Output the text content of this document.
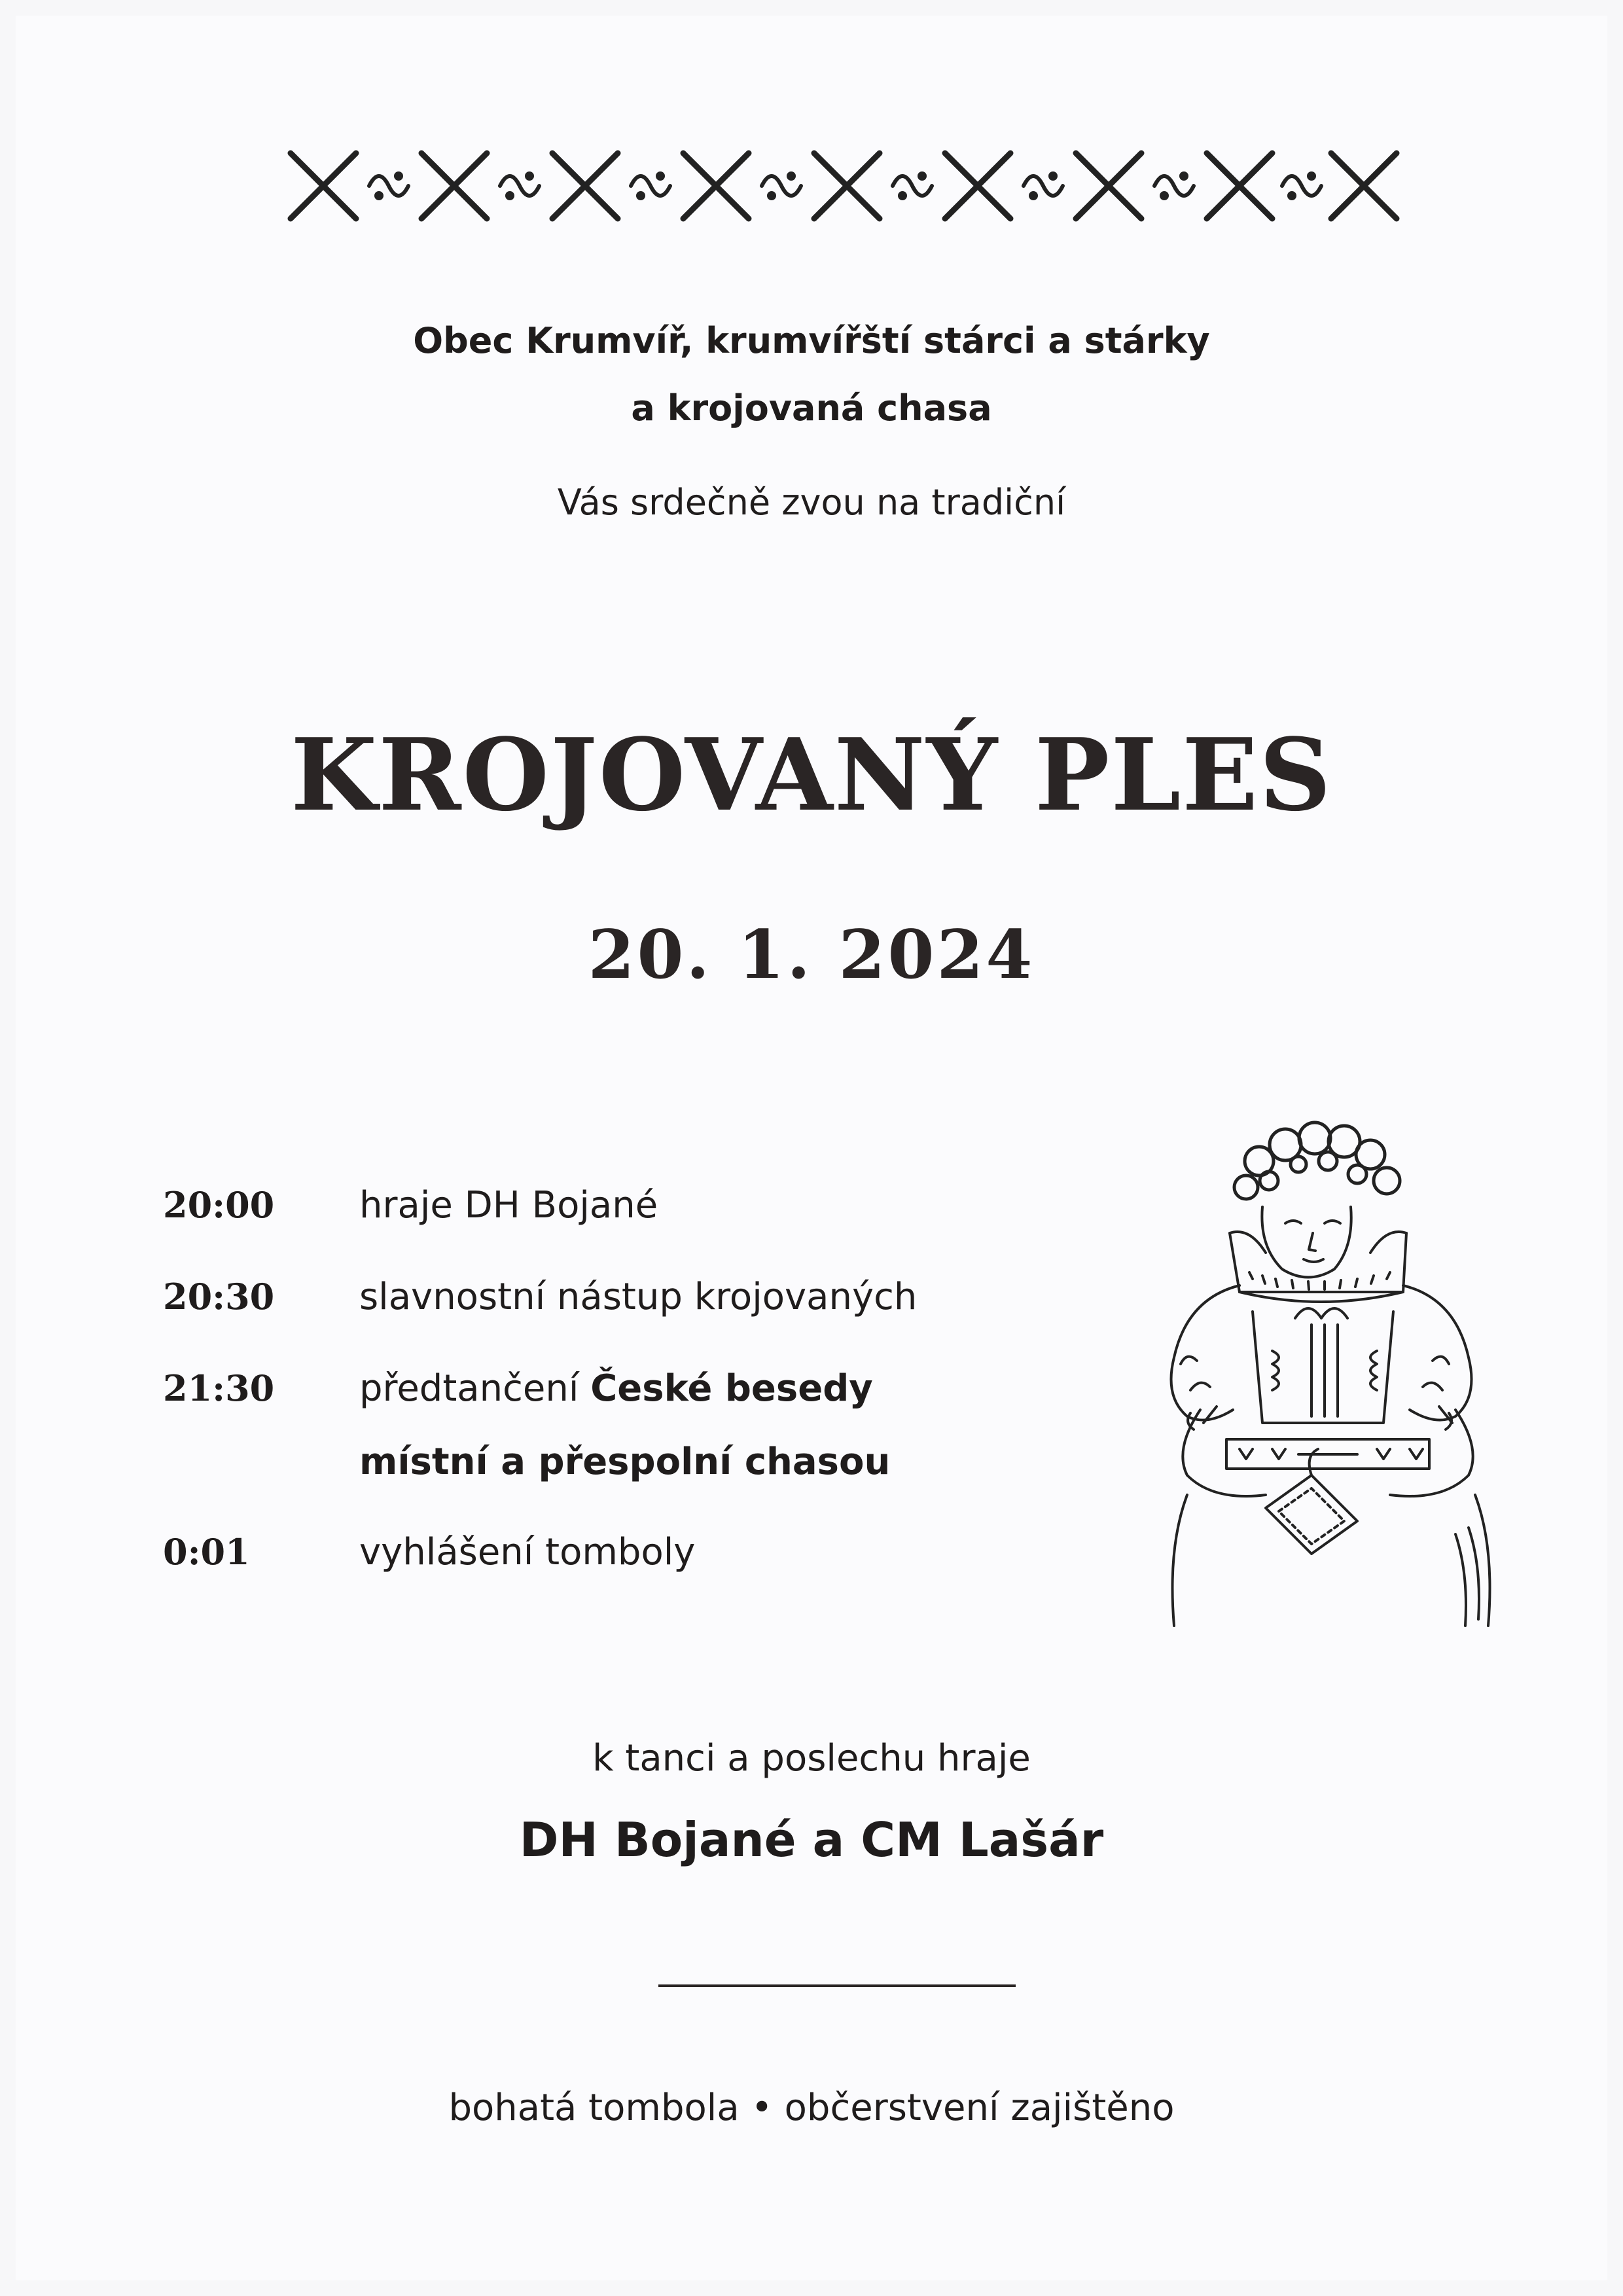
Obec Krumvíř, krumvířští stárci a stárky
a krojovaná chasa
Vás srdečně zvou na tradiční
KROJOVANÝ PLES
20. 1. 2024
20:00 hraje DH Bojané
20:30 slavnostní nástup krojovaných
21:30 předtančení České besedy
místní a přespolní chasou
0:01	vyhlášení tomboly
k tanci a poslechu hraje
DH Bojané a CM Lašár
bohatá tombola • občerstvení zajištěno
